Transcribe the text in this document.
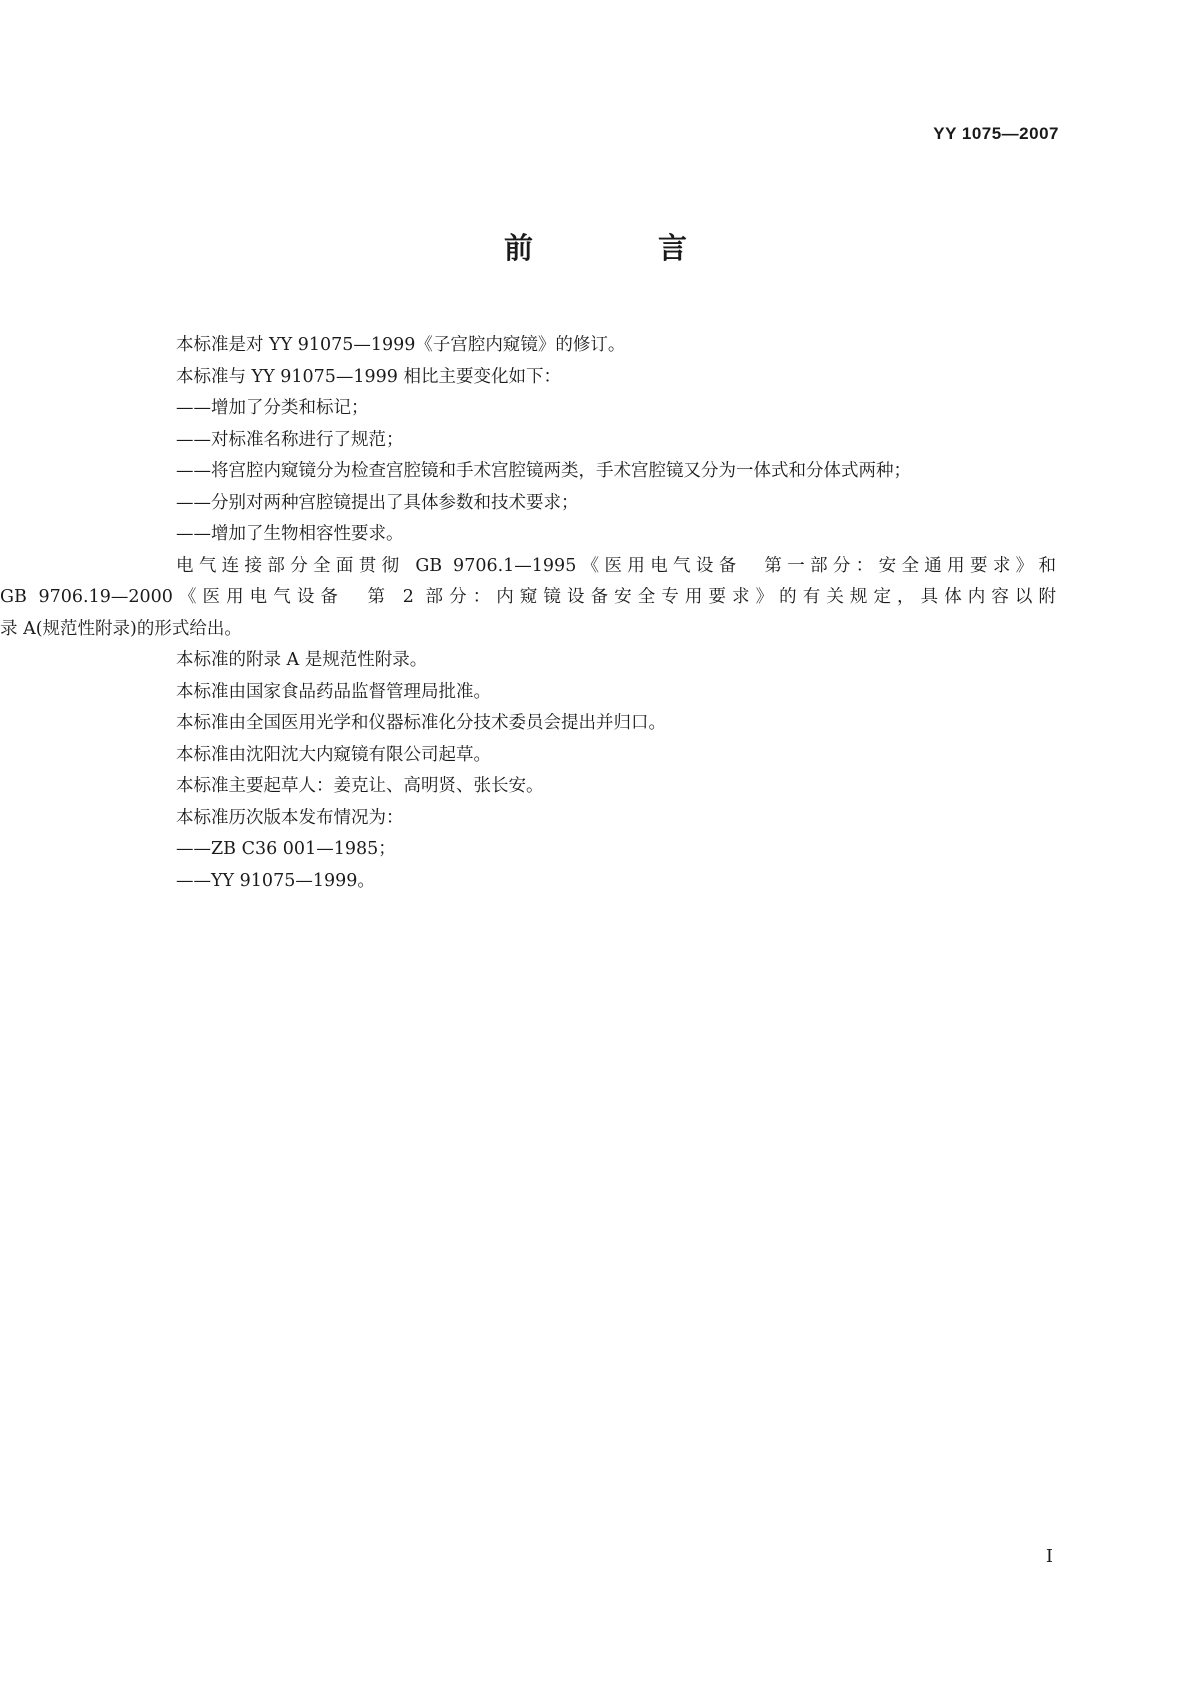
YY 1075—2007
前　言

本标准是对 YY 91075—1999《子宫腔内窥镜》的修订。

本标准与 YY 91075—1999 相比主要变化如下：

——增加了分类和标记；

——对标准名称进行了规范；

——将宫腔内窥镜分为检查宫腔镜和手术宫腔镜两类，手术宫腔镜又分为一体式和分体式两种；

——分别对两种宫腔镜提出了具体参数和技术要求；

——增加了生物相容性要求。

电气连接部分全面贯彻 GB 9706.1—1995《医用电气设备　第一部分：安全通用要求》和
GB 9706.19—2000《医用电气设备　第 2 部分：内窥镜设备安全专用要求》的有关规定，具体内容以附
录 A(规范性附录)的形式给出。

本标准的附录 A 是规范性附录。

本标准由国家食品药品监督管理局批准。

本标准由全国医用光学和仪器标准化分技术委员会提出并归口。

本标准由沈阳沈大内窥镜有限公司起草。

本标准主要起草人：姜克让、高明贤、张长安。

本标准历次版本发布情况为：

——ZB C36 001—1985；

——YY 91075—1999。

I
